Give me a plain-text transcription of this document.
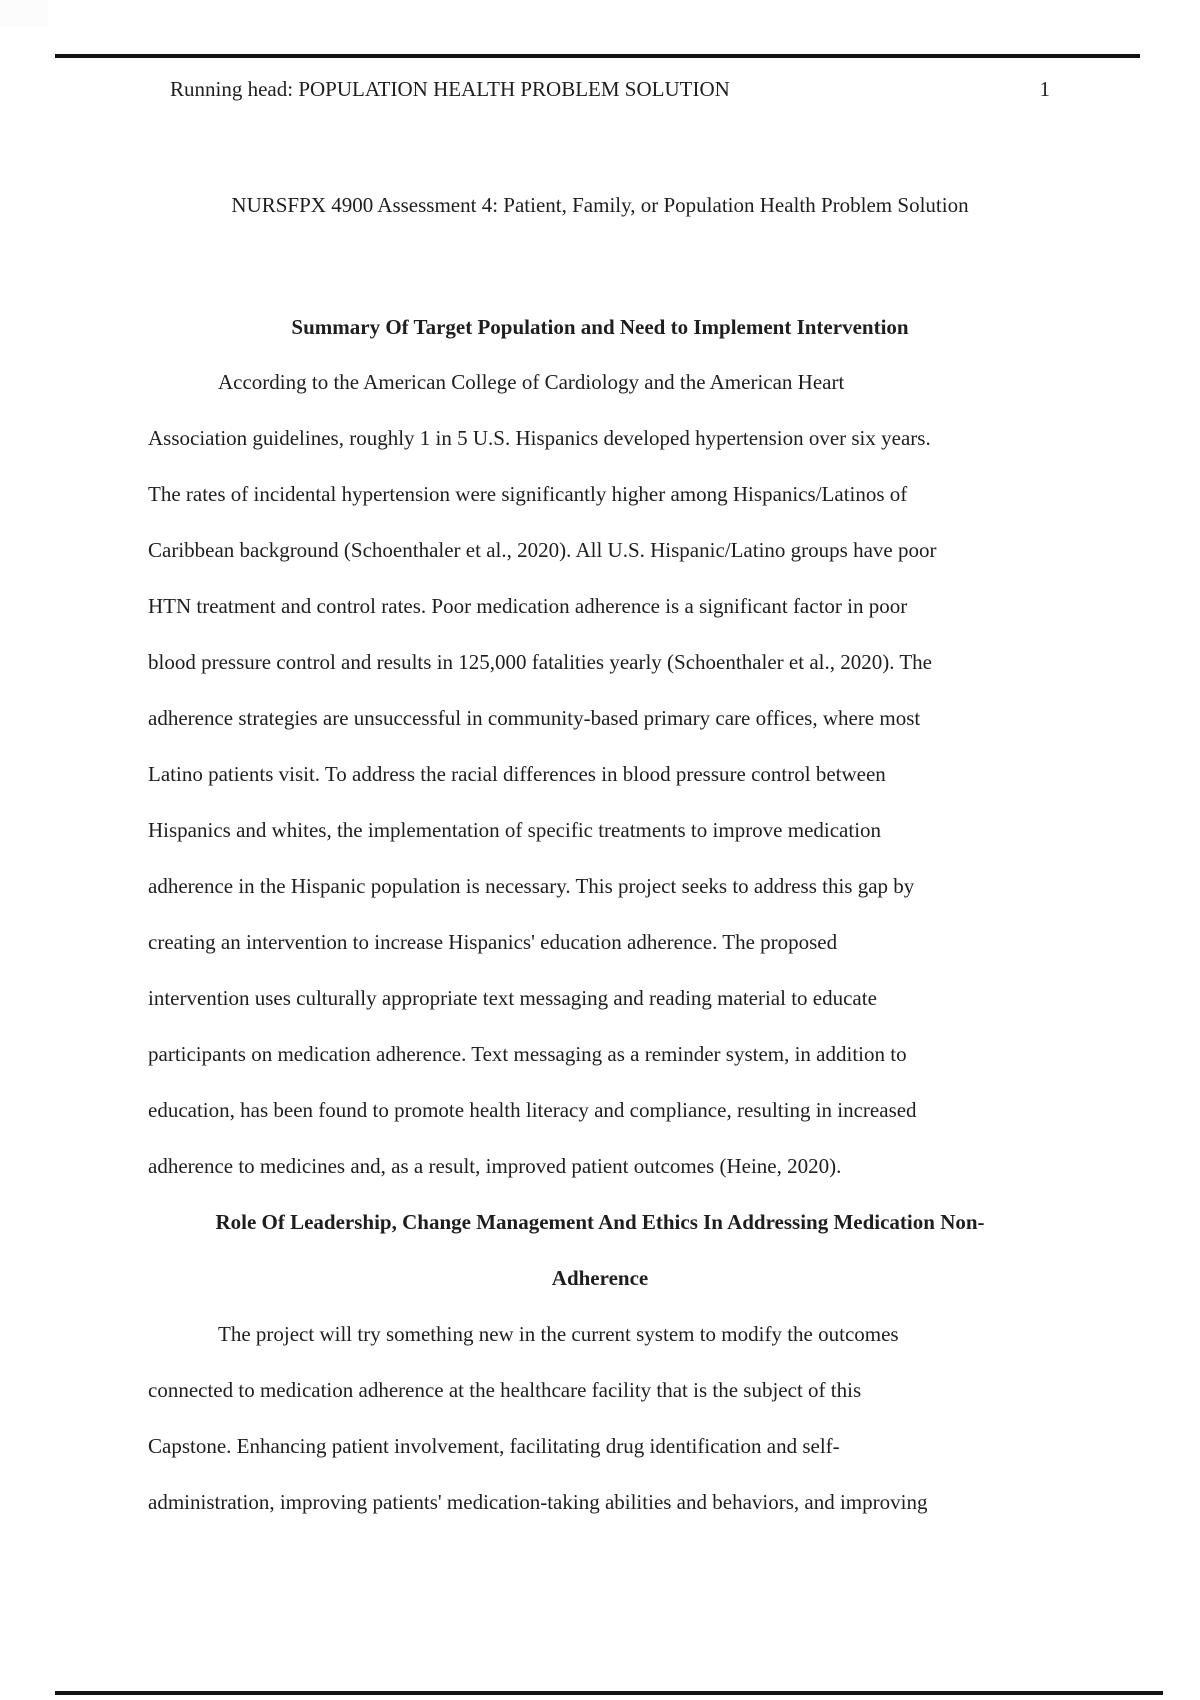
Running head: POPULATION HEALTH PROBLEM SOLUTION	1
NURSFPX 4900 Assessment 4: Patient, Family, or Population Health Problem Solution
Summary Of Target Population and Need to Implement Intervention
According to the American College of Cardiology and the American Heart
Association guidelines, roughly 1 in 5 U.S. Hispanics developed hypertension over six years.
The rates of incidental hypertension were significantly higher among Hispanics/Latinos of
Caribbean background (Schoenthaler et al., 2020). All U.S. Hispanic/Latino groups have poor
HTN treatment and control rates. Poor medication adherence is a significant factor in poor
blood pressure control and results in 125,000 fatalities yearly (Schoenthaler et al., 2020). The
adherence strategies are unsuccessful in community-based primary care offices, where most
Latino patients visit. To address the racial differences in blood pressure control between
Hispanics and whites, the implementation of specific treatments to improve medication
adherence in the Hispanic population is necessary. This project seeks to address this gap by
creating an intervention to increase Hispanics' education adherence. The proposed
intervention uses culturally appropriate text messaging and reading material to educate
participants on medication adherence. Text messaging as a reminder system, in addition to
education, has been found to promote health literacy and compliance, resulting in increased
adherence to medicines and, as a result, improved patient outcomes (Heine, 2020).
Role Of Leadership, Change Management And Ethics In Addressing Medication Non-
Adherence
The project will try something new in the current system to modify the outcomes
connected to medication adherence at the healthcare facility that is the subject of this
Capstone. Enhancing patient involvement, facilitating drug identification and self-
administration, improving patients' medication-taking abilities and behaviors, and improving
